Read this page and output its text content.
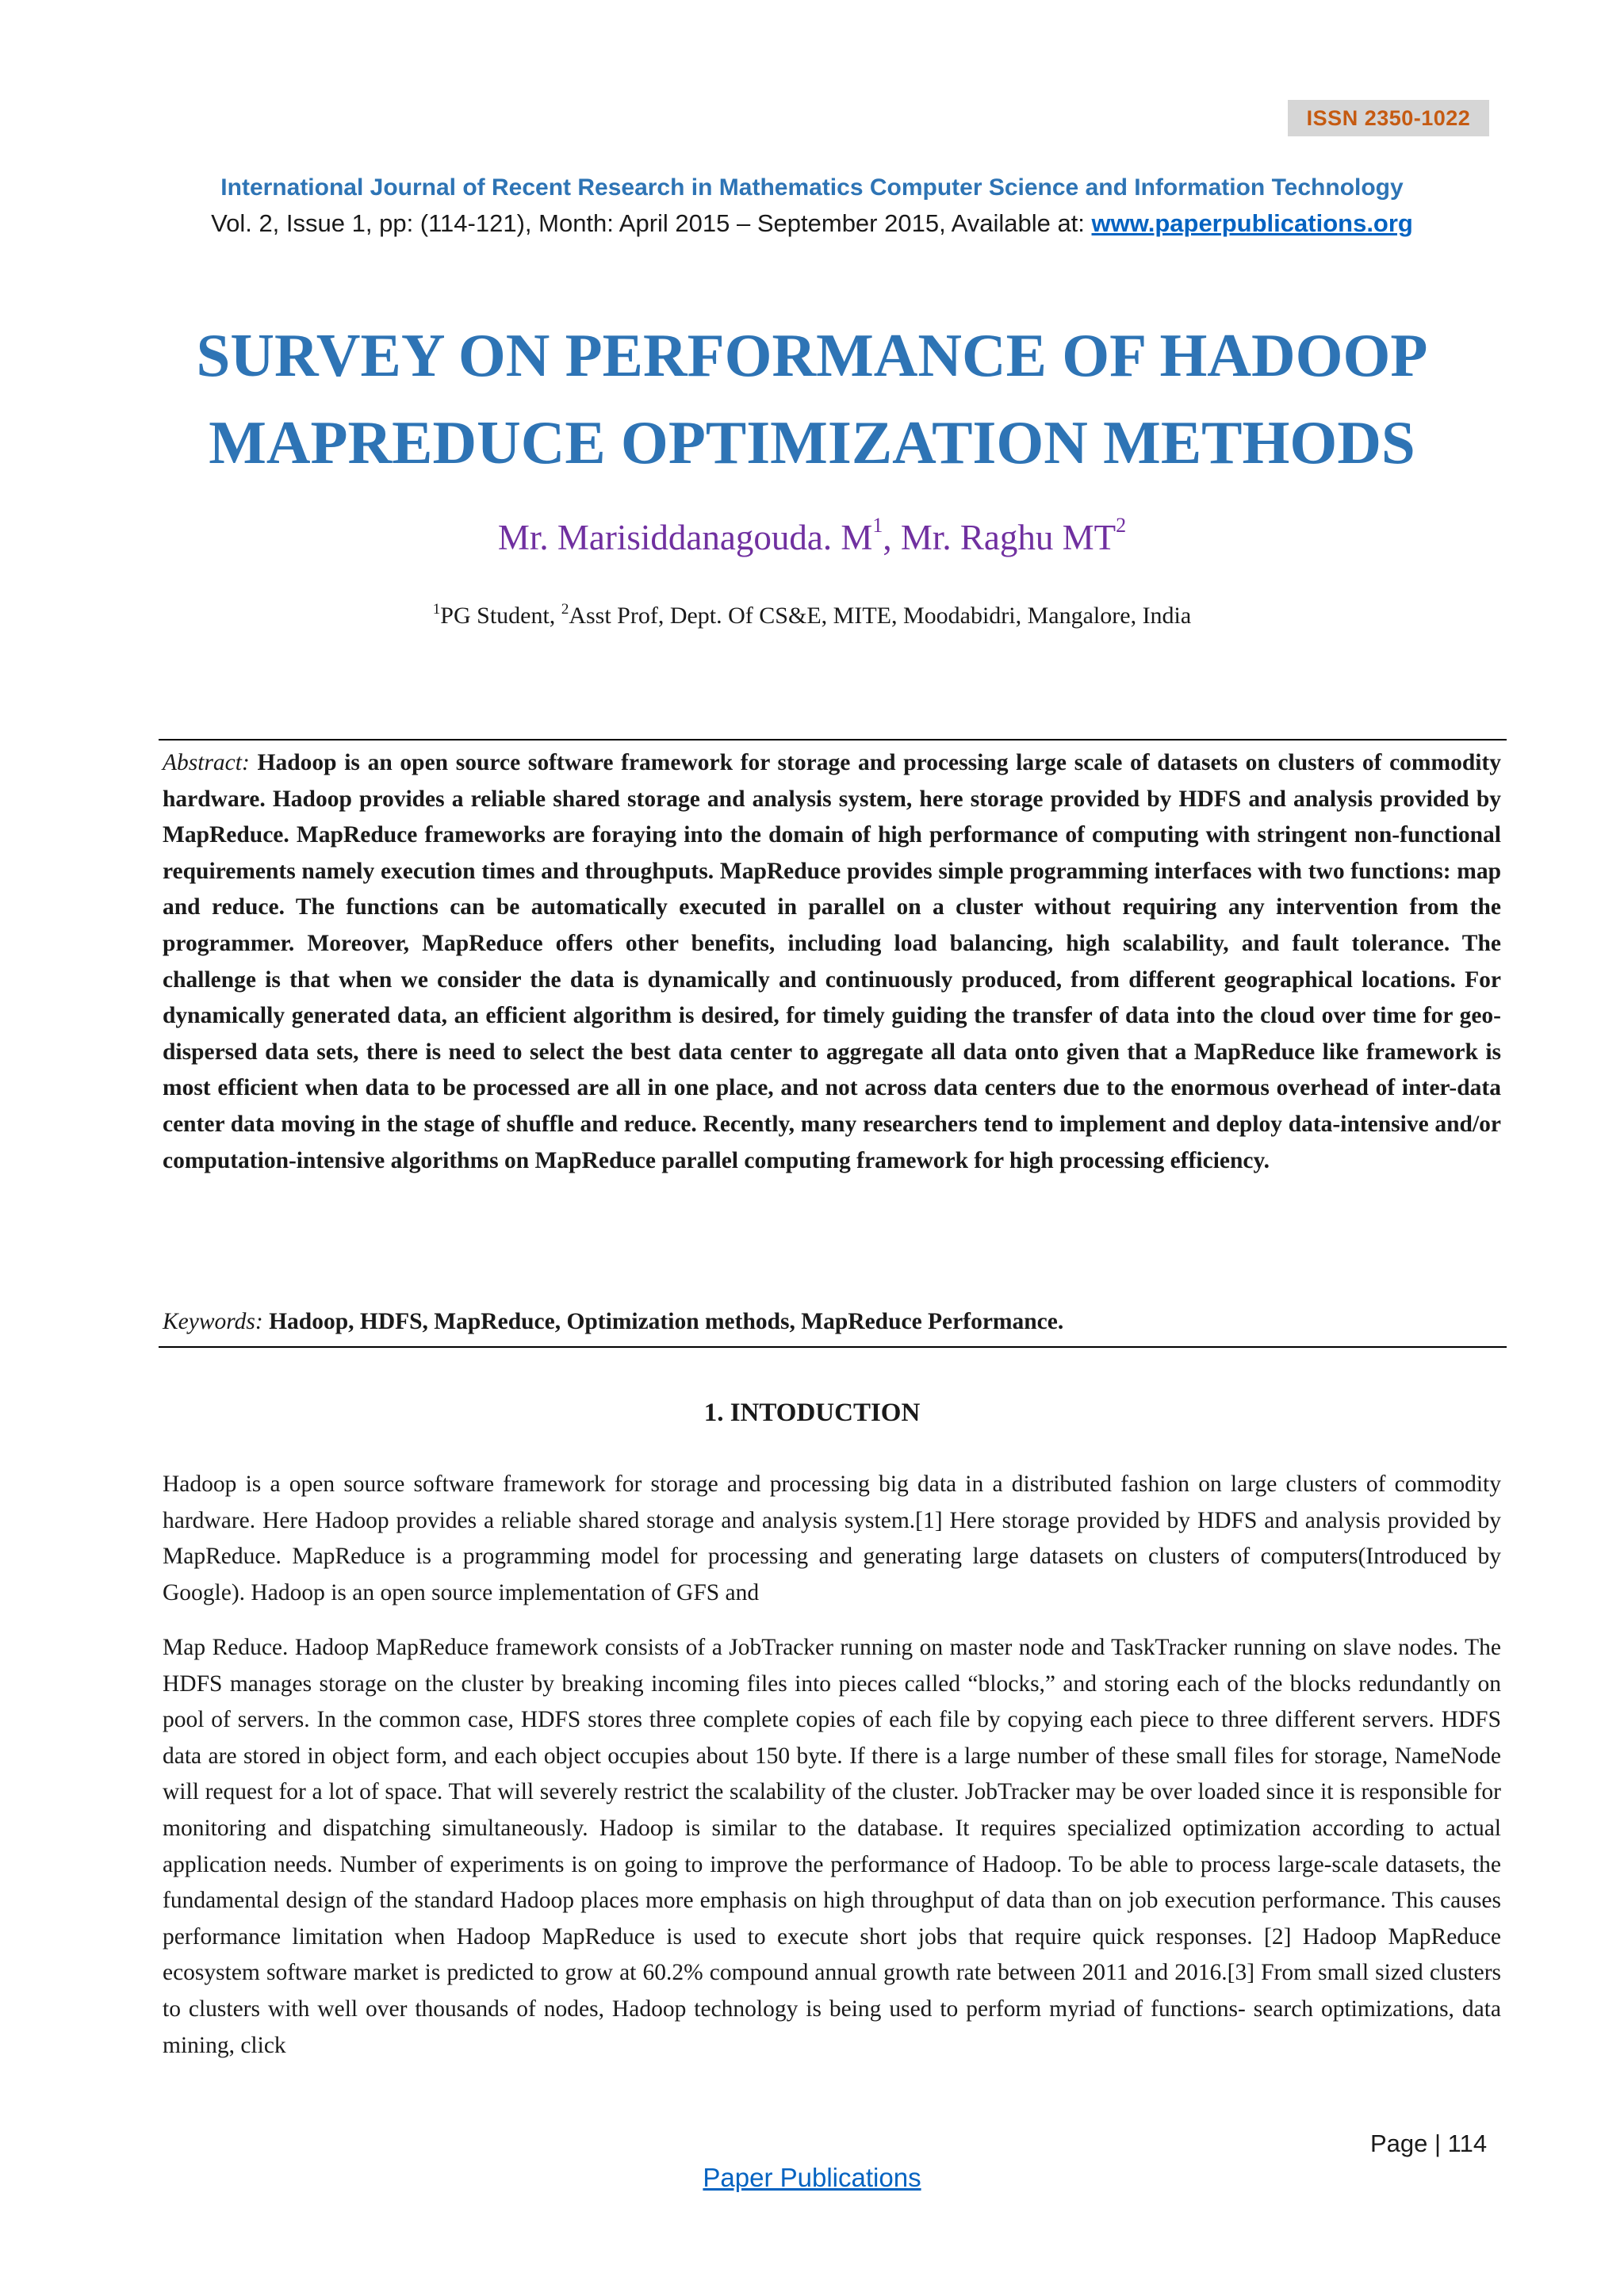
ISSN 2350-1022
International Journal of Recent Research in Mathematics Computer Science and Information Technology
Vol. 2, Issue 1, pp: (114-121), Month: April 2015 – September 2015, Available at: www.paperpublications.org
SURVEY ON PERFORMANCE OF HADOOP
MAPREDUCE OPTIMIZATION METHODS
Mr. Marisiddanagouda. $M^1$, Mr. Raghu $MT^2$
$^1$PG Student, $^2$Asst Prof, Dept. Of CS&E, MITE, Moodabidri, Mangalore, India
Abstract: Hadoop is an open source software framework for storage and processing large scale of datasets on clusters of commodity hardware. Hadoop provides a reliable shared storage and analysis system, here storage provided by HDFS and analysis provided by MapReduce. MapReduce frameworks are foraying into the domain of high performance of computing with stringent non-functional requirements namely execution times and throughputs. MapReduce provides simple programming interfaces with two functions: map and reduce. The functions can be automatically executed in parallel on a cluster without requiring any intervention from the programmer. Moreover, MapReduce offers other benefits, including load balancing, high scalability, and fault tolerance. The challenge is that when we consider the data is dynamically and continuously produced, from different geographical locations. For dynamically generated data, an efficient algorithm is desired, for timely guiding the transfer of data into the cloud over time for geo-dispersed data sets, there is need to select the best data center to aggregate all data onto given that a MapReduce like framework is most efficient when data to be processed are all in one place, and not across data centers due to the enormous overhead of inter-data center data moving in the stage of shuffle and reduce. Recently, many researchers tend to implement and deploy data-intensive and/or computation-intensive algorithms on MapReduce parallel computing framework for high processing efficiency.
Keywords: Hadoop, HDFS, MapReduce, Optimization methods, MapReduce Performance.
1. INTODUCTION
Hadoop is a open source software framework for storage and processing big data in a distributed fashion on large clusters of commodity hardware. Here Hadoop provides a reliable shared storage and analysis system.[1] Here storage provided by HDFS and analysis provided by MapReduce. MapReduce is a programming model for processing and generating large datasets on clusters of computers(Introduced by Google). Hadoop is an open source implementation of GFS and
Map Reduce. Hadoop MapReduce framework consists of a JobTracker running on master node and TaskTracker running on slave nodes. The HDFS manages storage on the cluster by breaking incoming files into pieces called “blocks,” and storing each of the blocks redundantly on pool of servers. In the common case, HDFS stores three complete copies of each file by copying each piece to three different servers. HDFS data are stored in object form, and each object occupies about 150 byte. If there is a large number of these small files for storage, NameNode will request for a lot of space. That will severely restrict the scalability of the cluster. JobTracker may be over loaded since it is responsible for monitoring and dispatching simultaneously. Hadoop is similar to the database. It requires specialized optimization according to actual application needs. Number of experiments is on going to improve the performance of Hadoop. To be able to process large-scale datasets, the fundamental design of the standard Hadoop places more emphasis on high throughput of data than on job execution performance. This causes performance limitation when Hadoop MapReduce is used to execute short jobs that require quick responses. [2] Hadoop MapReduce ecosystem software market is predicted to grow at 60.2% compound annual growth rate between 2011 and 2016.[3] From small sized clusters to clusters with well over thousands of nodes, Hadoop technology is being used to perform myriad of functions- search optimizations, data mining, click
Page | 114
Paper Publications
